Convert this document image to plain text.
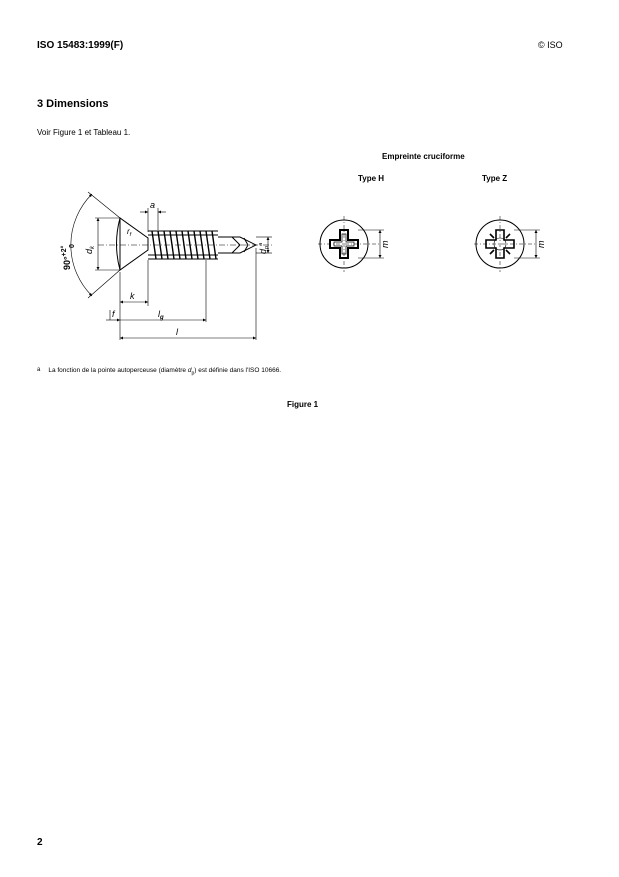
ISO 15483:1999(F)	© ISO
3 Dimensions
Voir Figure 1 et Tableau 1.
Empreinte cruciforme
Type H	Type Z
90°$^{+2^\circ}$ 0
$d_k$
a
$r_f$
$d_p^a$
k
$l_g$
l
f
m	m
a La fonction de la pointe autoperceuse (diamètre $d_p$) est définie dans l'ISO 10666.
Figure 1
2
